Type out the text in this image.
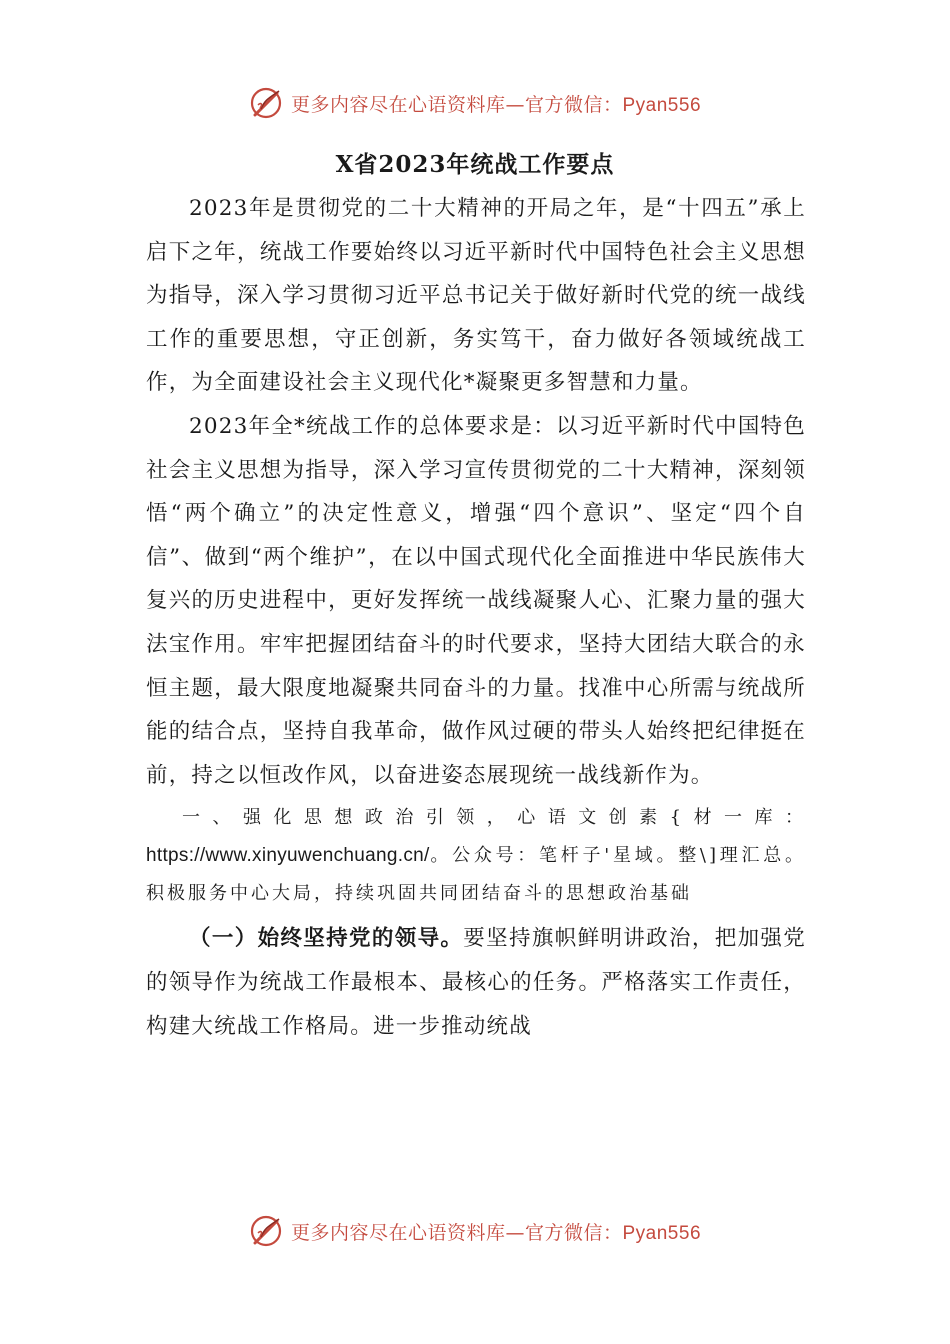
更多内容尽在心语资料库—官方微信：Pyan556
X省2023年统战工作要点

2023年是贯彻党的二十大精神的开局之年，是“十四五”承上启下之年，统战工作要始终以习近平新时代中国特色社会主义思想为指导，深入学习贯彻习近平总书记关于做好新时代党的统一战线工作的重要思想，守正创新，务实笃干，奋力做好各领域统战工作，为全面建设社会主义现代化*凝聚更多智慧和力量。

2023年全*统战工作的总体要求是：以习近平新时代中国特色社会主义思想为指导，深入学习宣传贯彻党的二十大精神，深刻领悟“两个确立”的决定性意义，增强“四个意识”、坚定“四个自信”、做到“两个维护”，在以中国式现代化全面推进中华民族伟大复兴的历史进程中，更好发挥统一战线凝聚人心、汇聚力量的强大法宝作用。牢牢把握团结奋斗的时代要求，坚持大团结大联合的永恒主题，最大限度地凝聚共同奋斗的力量。找准中心所需与统战所能的结合点，坚持自我革命，做作风过硬的带头人始终把纪律挺在前，持之以恒改作风，以奋进姿态展现统一战线新作为。

一、强化思想政治引领，心语文创素{材一库：https://www.xinyuwenchuang.cn/。公众号：笔杆子'星域。整\]理汇总。积极服务中心大局，持续巩固共同团结奋斗的思想政治基础

（一）始终坚持党的领导。要坚持旗帜鲜明讲政治，把加强党的领导作为统战工作最根本、最核心的任务。严格落实工作责任，构建大统战工作格局。进一步推动统战

更多内容尽在心语资料库—官方微信：Pyan556
